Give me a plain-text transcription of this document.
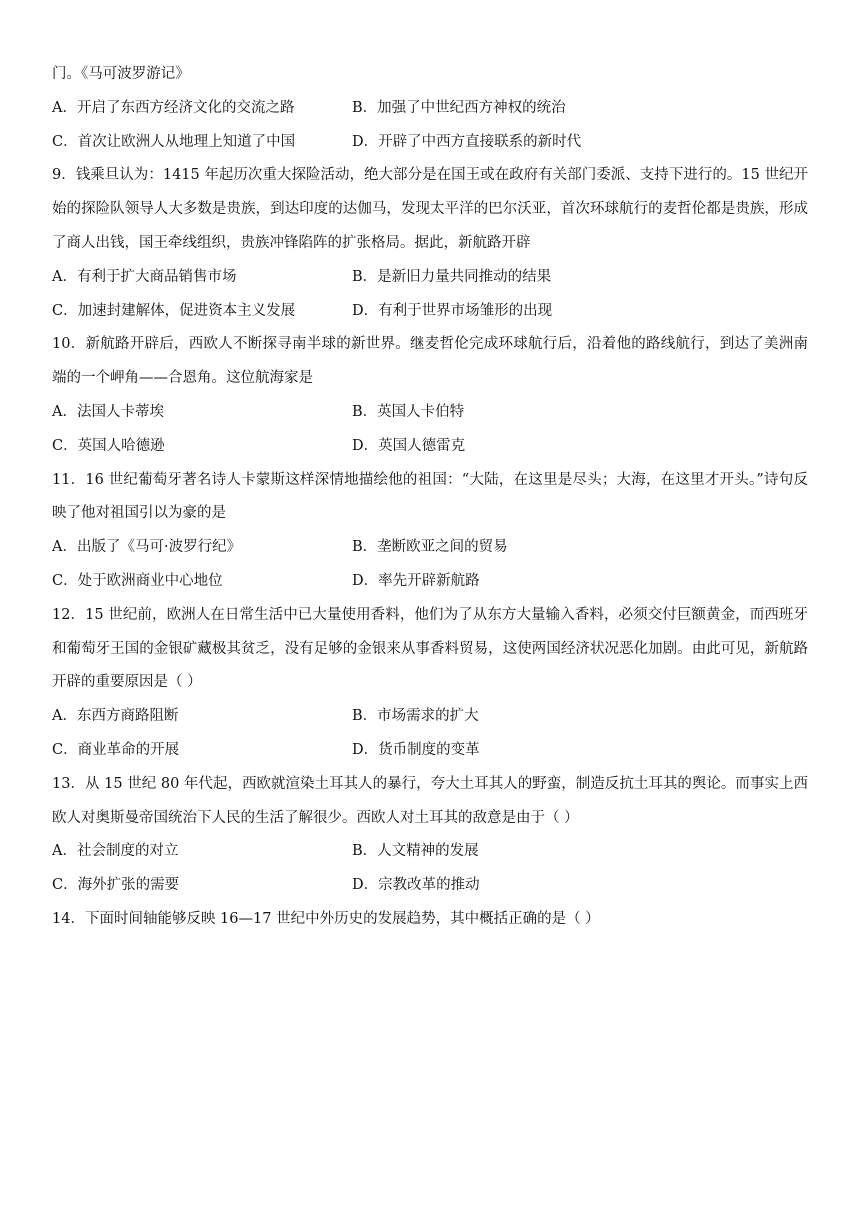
门。《马可波罗游记》
A．开启了东西方经济文化的交流之路	B．加强了中世纪西方神权的统治
C．首次让欧洲人从地理上知道了中国	D．开辟了中西方直接联系的新时代
9．钱乘旦认为：1415 年起历次重大探险活动，绝大部分是在国王或在政府有关部门委派、支持下进行的。15 世纪开始的探险队领导人大多数是贵族，到达印度的达伽马，发现太平洋的巴尔沃亚，首次环球航行的麦哲伦都是贵族，形成了商人出钱，国王牵线组织，贵族冲锋陷阵的扩张格局。据此，新航路开辟
A．有利于扩大商品销售市场	B．是新旧力量共同推动的结果
C．加速封建解体，促进资本主义发展	D．有利于世界市场雏形的出现
10．新航路开辟后，西欧人不断探寻南半球的新世界。继麦哲伦完成环球航行后，沿着他的路线航行，到达了美洲南端的一个岬角——合恩角。这位航海家是
A．法国人卡蒂埃	B．英国人卡伯特
C．英国人哈德逊	D．英国人德雷克
11．16 世纪葡萄牙著名诗人卡蒙斯这样深情地描绘他的祖国：“大陆，在这里是尽头；大海，在这里才开头。”诗句反映了他对祖国引以为豪的是
A．出版了《马可·波罗行纪》	B．垄断欧亚之间的贸易
C．处于欧洲商业中心地位	D．率先开辟新航路
12．15 世纪前，欧洲人在日常生活中已大量使用香料，他们为了从东方大量输入香料，必须交付巨额黄金，而西班牙和葡萄牙王国的金银矿藏极其贫乏，没有足够的金银来从事香料贸易，这使两国经济状况恶化加剧。由此可见，新航路开辟的重要原因是（ ）
A．东西方商路阻断	B．市场需求的扩大
C．商业革命的开展	D．货币制度的变革
13．从 15 世纪 80 年代起，西欧就渲染土耳其人的暴行，夸大土耳其人的野蛮，制造反抗土耳其的舆论。而事实上西欧人对奥斯曼帝国统治下人民的生活了解很少。西欧人对土耳其的敌意是由于（ ）
A．社会制度的对立	B．人文精神的发展
C．海外扩张的需要	D．宗教改革的推动
14．下面时间轴能够反映 16—17 世纪中外历史的发展趋势，其中概括正确的是（ ）
